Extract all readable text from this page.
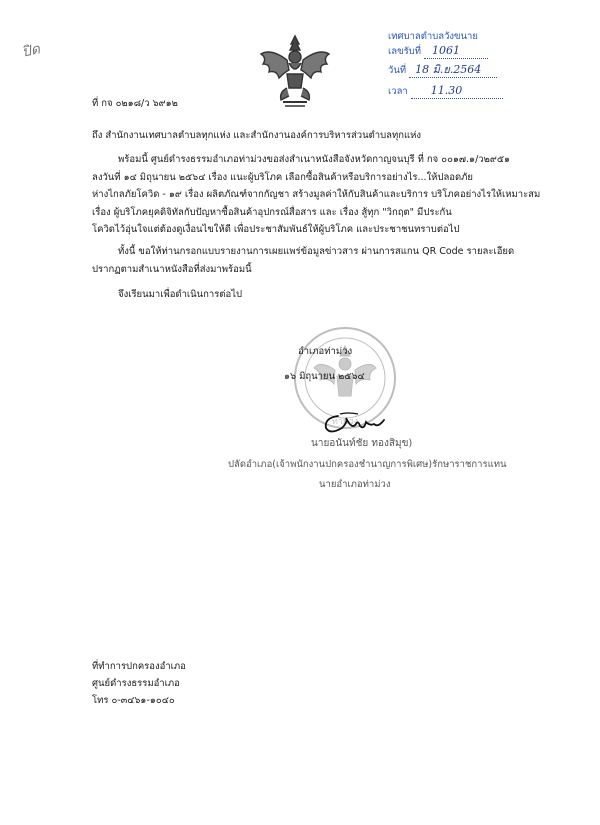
ปิด
เทศบาลตำบลวังขนาย
เลขรับที่ 1061
วันที่ 18 มิ.ย.2564
เวลา 11.30
ที่ กจ ๐๒๑๘/ว ๖๙๑๒
ถึง สำนักงานเทศบาลตำบลทุกแห่ง และสำนักงานองค์การบริหารส่วนตำบลทุกแห่ง
พร้อมนี้ ศูนย์ดำรงธรรมอำเภอท่าม่วงขอส่งสำเนาหนังสือจังหวัดกาญจนบุรี ที่ กจ ๐๐๑๗.๑/ว๒๙๕๑
ลงวันที่ ๑๔ มิถุนายน ๒๕๖๔ เรื่อง แนะผู้บริโภค เลือกซื้อสินค้าหรือบริการอย่างไร...ให้ปลอดภัย
ห่างไกลภัยโควิด - ๑๙ เรื่อง ผลิตภัณฑ์จากกัญชา สร้างมูลค่าให้กับสินค้าและบริการ บริโภคอย่างไรให้เหมาะสม
เรื่อง ผู้บริโภคยุคดิจิทัลกับปัญหาซื้อสินค้าอุปกรณ์สื่อสาร และ เรื่อง สู้ทุก "วิกฤต" มีประกัน
โควิดไว้อุ่นใจแต่ต้องดูเงื่อนไขให้ดี เพื่อประชาสัมพันธ์ให้ผู้บริโภค และประชาชนทราบต่อไป
ทั้งนี้ ขอให้ท่านกรอกแบบรายงานการเผยแพร่ข้อมูลข่าวสาร ผ่านการสแกน QR Code รายละเอียด
ปรากฏตามสำเนาหนังสือที่ส่งมาพร้อมนี้
จึงเรียนมาเพื่อดำเนินการต่อไป
ท่าม่วง
อำเภอท่าม่วง
๑๖ มิถุนายน ๒๕๖๔
นายอนันท์ชัย ทองสิมุข)
ปลัดอำเภอ(เจ้าพนักงานปกครองชำนาญการพิเศษ)รักษาราชการแทน
นายอำเภอท่าม่วง
ที่ทำการปกครองอำเภอ
ศูนย์ดำรงธรรมอำเภอ
โทร ๐-๓๔๖๑-๑๐๔๐
